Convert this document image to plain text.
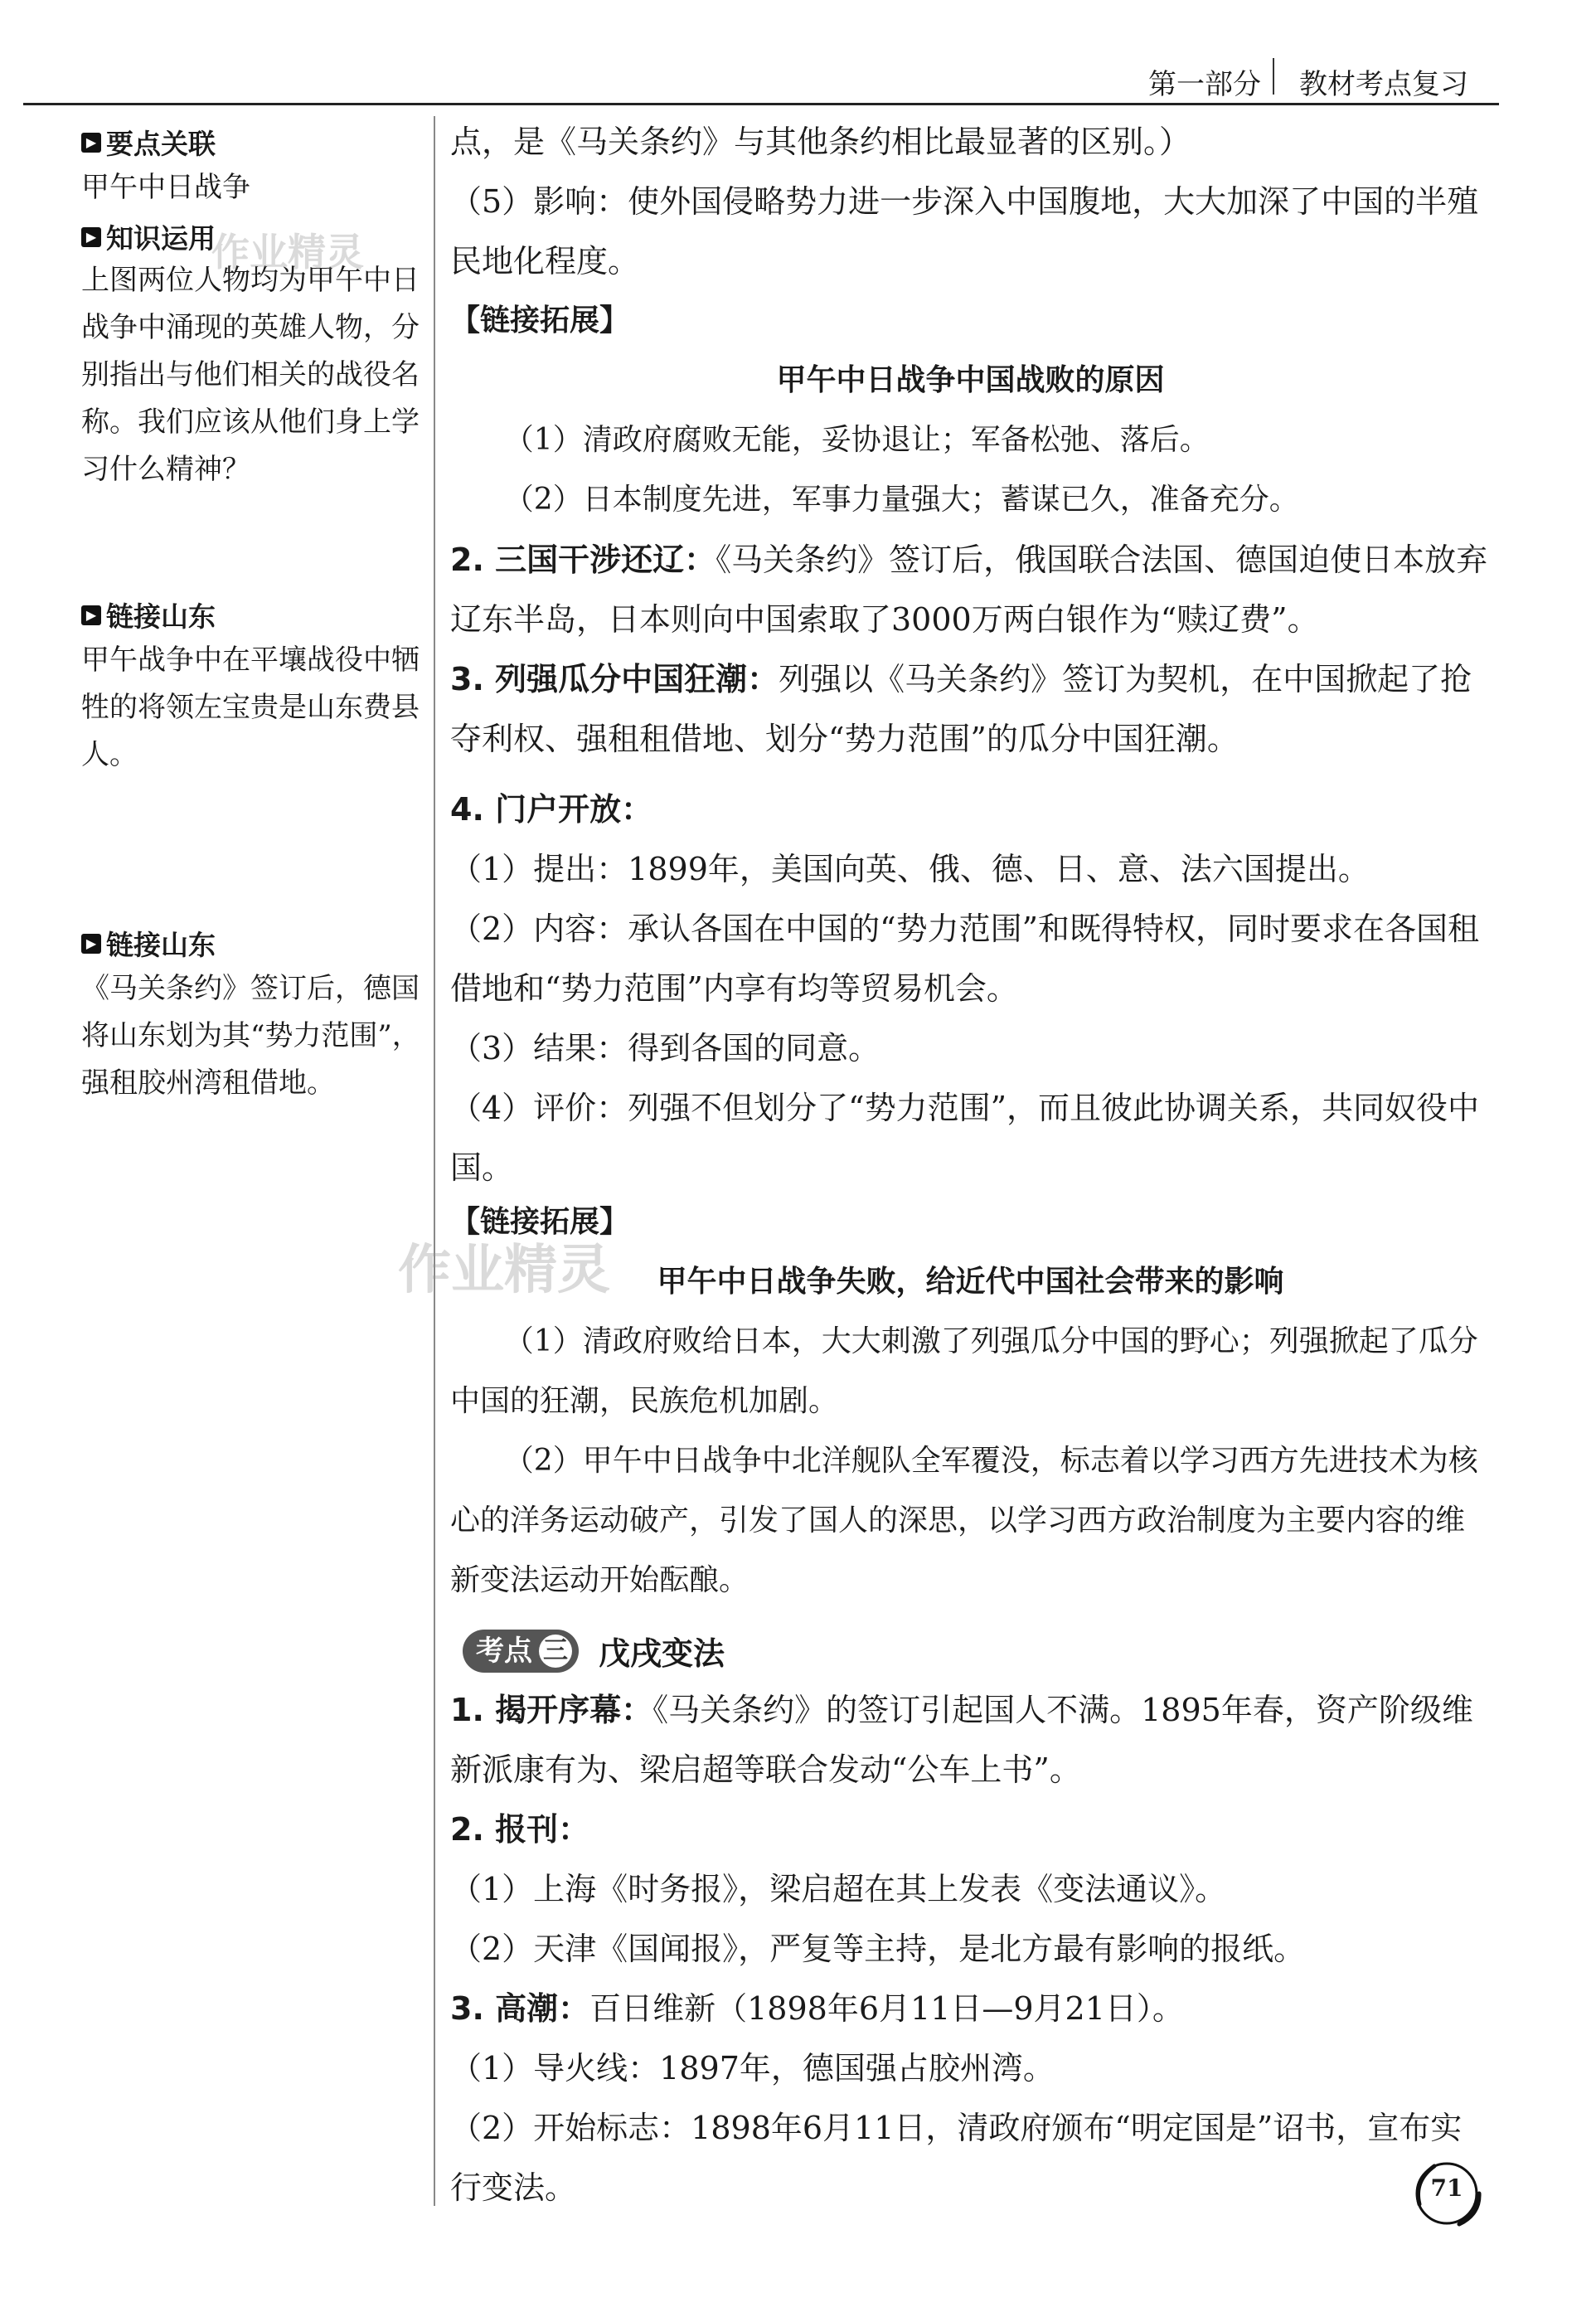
第一部分 教材考点复习
▶ 要点关联
甲午中日战争
▶ 知识运用
上图两位人物均为甲午中日战争中涌现的英雄人物，分别指出与他们相关的战役名称。我们应该从他们身上学习什么精神？
▶ 链接山东
甲午战争中在平壤战役中牺牲的将领左宝贵是山东费县人。
▶ 链接山东
《马关条约》签订后，德国将山东划为其“势力范围”，强租胶州湾租借地。

点，是《马关条约》与其他条约相比最显著的区别。）

（5）影响：使外国侵略势力进一步深入中国腹地，大大加深了中国的半殖民地化程度。

【链接拓展】

甲午中日战争中国战败的原因

（1）清政府腐败无能，妥协退让；军备松弛、落后。

（2）日本制度先进，军事力量强大；蓄谋已久，准备充分。

2. 三国干涉还辽：《马关条约》签订后，俄国联合法国、德国迫使日本放弃辽东半岛，日本则向中国索取了3000万两白银作为“赎辽费”。

3. 列强瓜分中国狂潮：列强以《马关条约》签订为契机，在中国掀起了抢夺利权、强租租借地、划分“势力范围”的瓜分中国狂潮。

4. 门户开放：

（1）提出：1899年，美国向英、俄、德、日、意、法六国提出。

（2）内容：承认各国在中国的“势力范围”和既得特权，同时要求在各国租借地和“势力范围”内享有均等贸易机会。

（3）结果：得到各国的同意。

（4）评价：列强不但划分了“势力范围”，而且彼此协调关系，共同奴役中国。

【链接拓展】

甲午中日战争失败，给近代中国社会带来的影响

（1）清政府败给日本，大大刺激了列强瓜分中国的野心；列强掀起了瓜分中国的狂潮，民族危机加剧。

（2）甲午中日战争中北洋舰队全军覆没，标志着以学习西方先进技术为核心的洋务运动破产，引发了国人的深思，以学习西方政治制度为主要内容的维新变法运动开始酝酿。

考点 三 戊戌变法

1. 揭开序幕：《马关条约》的签订引起国人不满。1895年春，资产阶级维新派康有为、梁启超等联合发动“公车上书”。

2. 报刊：

（1）上海《时务报》，梁启超在其上发表《变法通议》。

（2）天津《国闻报》，严复等主持，是北方最有影响的报纸。

3. 高潮：百日维新（1898年6月11日—9月21日）。

（1）导火线：1897年，德国强占胶州湾。

（2）开始标志：1898年6月11日，清政府颁布“明定国是”诏书，宣布实行变法。

作业精灵
作业精灵
71
